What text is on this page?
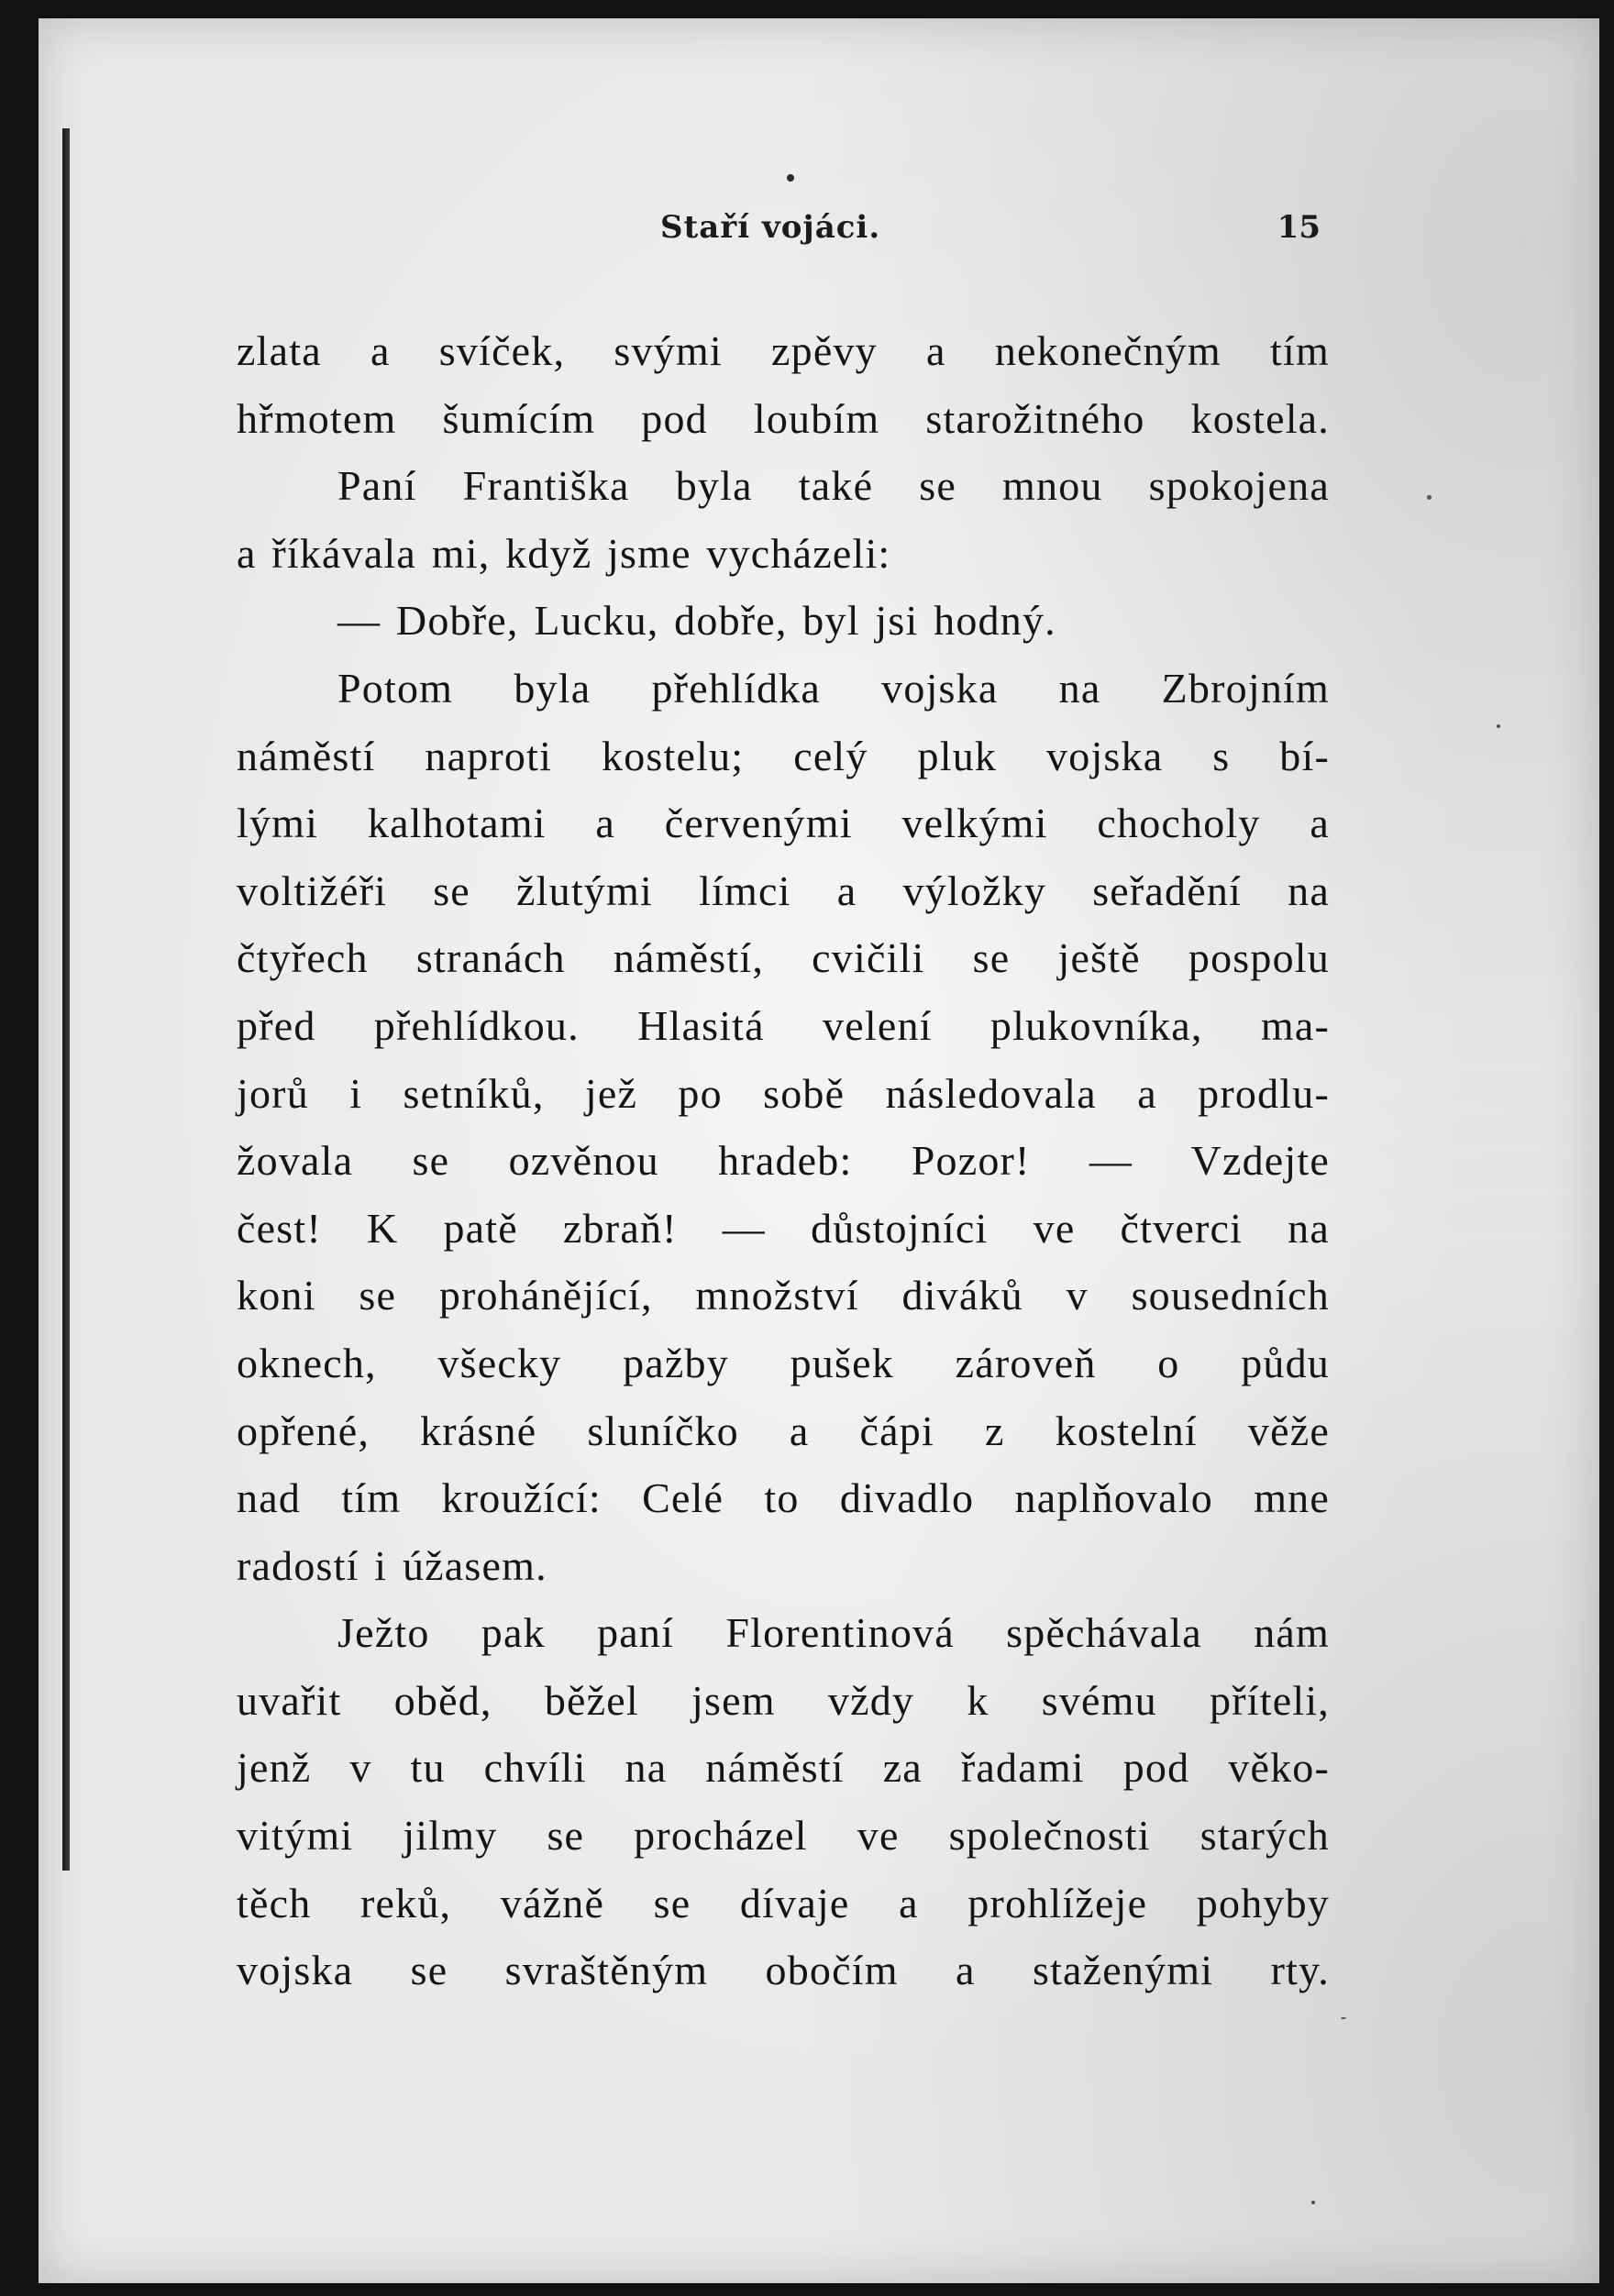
Staří vojáci.	15
zlata a svíček, svými zpěvy a nekonečným tím
hřmotem šumícím pod loubím starožitného kostela.
Paní Františka byla také se mnou spokojena
a říkávala mi, když jsme vycházeli:
— Dobře, Lucku, dobře, byl jsi hodný.
Potom byla přehlídka vojska na Zbrojním
náměstí naproti kostelu; celý pluk vojska s bí-
lými kalhotami a červenými velkými chocholy a
voltižéři se žlutými límci a výložky seřadění na
čtyřech stranách náměstí, cvičili se ještě pospolu
před přehlídkou. Hlasitá velení plukovníka, ma-
jorů i setníků, jež po sobě následovala a prodlu-
žovala se ozvěnou hradeb: Pozor! — Vzdejte
čest! K patě zbraň! — důstojníci ve čtverci na
koni se proháněјící, množství diváků v sousedních
oknech, všecky pažby pušek zároveň o půdu
opřené, krásné sluníčko a čápi z kostelní věže
nad tím kroužící: Celé to divadlo naplňovalo mne
radostí i úžasem.
Ježto pak paní Florentinová spěchávala nám
uvařit oběd, běžel jsem vždy k svému příteli,
jenž v tu chvíli na náměstí za řadami pod věko-
vitými jilmy se procházel ve společnosti starých
těch reků, vážně se dívaje a prohlížeje pohyby
vojska se svraštěným obočím a staženými rty.
